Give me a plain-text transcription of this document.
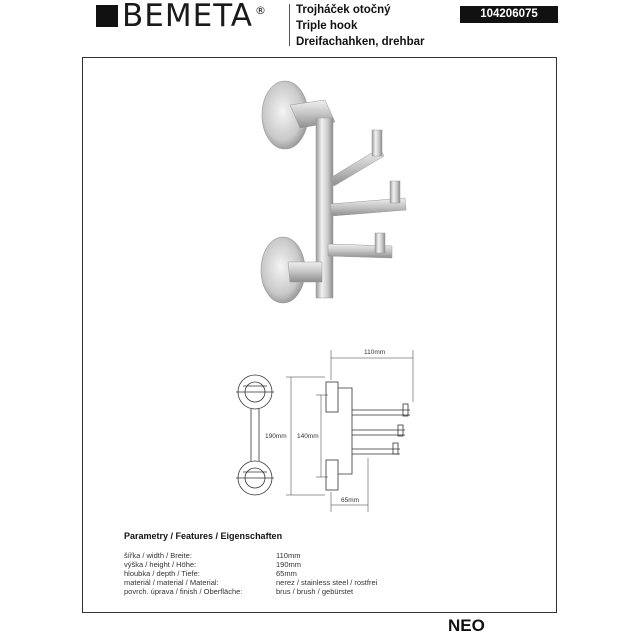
BEMETA ®	Trojháček otočný
Triple hook
Dreifachahken, drehbar
104206075
110mm
190mm 140mm
65mm
Parametry / Features / Eigenschaften
šířka / width / Breite:	110mm
výška / height / Höhe:	190mm
hloubka / depth / Tiefe:	65mm
materiál / material / Material:	nerez / stainless steel / rostfrei
povrch. úprava / finish / Oberfläche:	brus / brush / gebürstet
NEO
